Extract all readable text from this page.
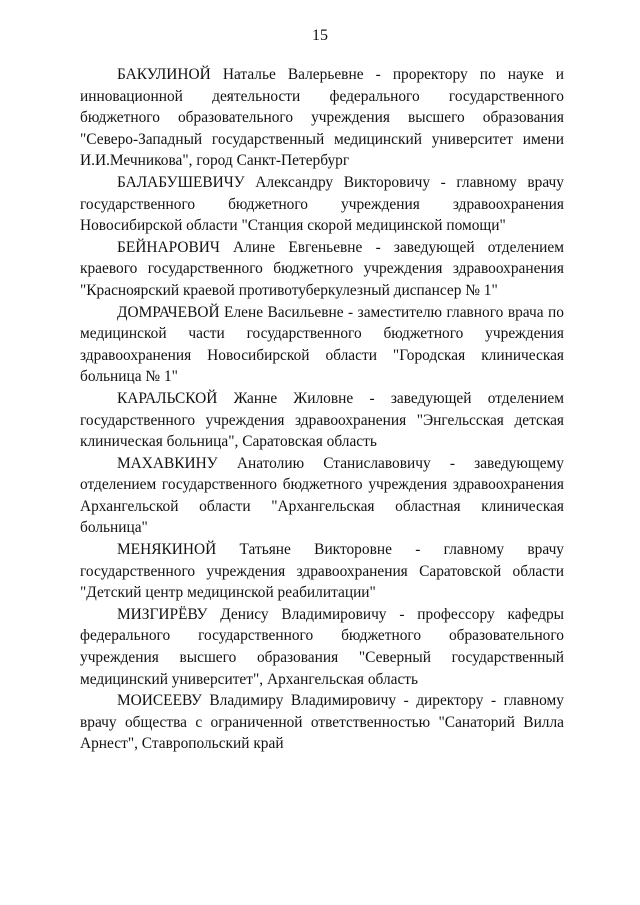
15

БАКУЛИНОЙ Наталье Валерьевне - проректору по науке и инновационной деятельности федерального государственного бюджетного образовательного учреждения высшего образования "Северо-Западный государственный медицинский университет имени И.И.Мечникова", город Санкт-Петербург

БАЛАБУШЕВИЧУ Александру Викторовичу - главному врачу государственного бюджетного учреждения здравоохранения Новосибирской области "Станция скорой медицинской помощи"

БЕЙНАРОВИЧ Алине Евгеньевне - заведующей отделением краевого государственного бюджетного учреждения здравоохранения "Красноярский краевой противотуберкулезный диспансер № 1"

ДОМРАЧЕВОЙ Елене Васильевне - заместителю главного врача по медицинской части государственного бюджетного учреждения здравоохранения Новосибирской области "Городская клиническая больница № 1"

КАРАЛЬСКОЙ Жанне Жиловне - заведующей отделением государственного учреждения здравоохранения "Энгельсская детская клиническая больница", Саратовская область

МАХАВКИНУ Анатолию Станиславовичу - заведующему отделением государственного бюджетного учреждения здравоохранения Архангельской области "Архангельская областная клиническая больница"

МЕНЯКИНОЙ Татьяне Викторовне - главному врачу государственного учреждения здравоохранения Саратовской области "Детский центр медицинской реабилитации"

МИЗГИРЁВУ Денису Владимировичу - профессору кафедры федерального государственного бюджетного образовательного учреждения высшего образования "Северный государственный медицинский университет", Архангельская область

МОИСЕЕВУ Владимиру Владимировичу - директору - главному врачу общества с ограниченной ответственностью "Санаторий Вилла Арнест", Ставропольский край
